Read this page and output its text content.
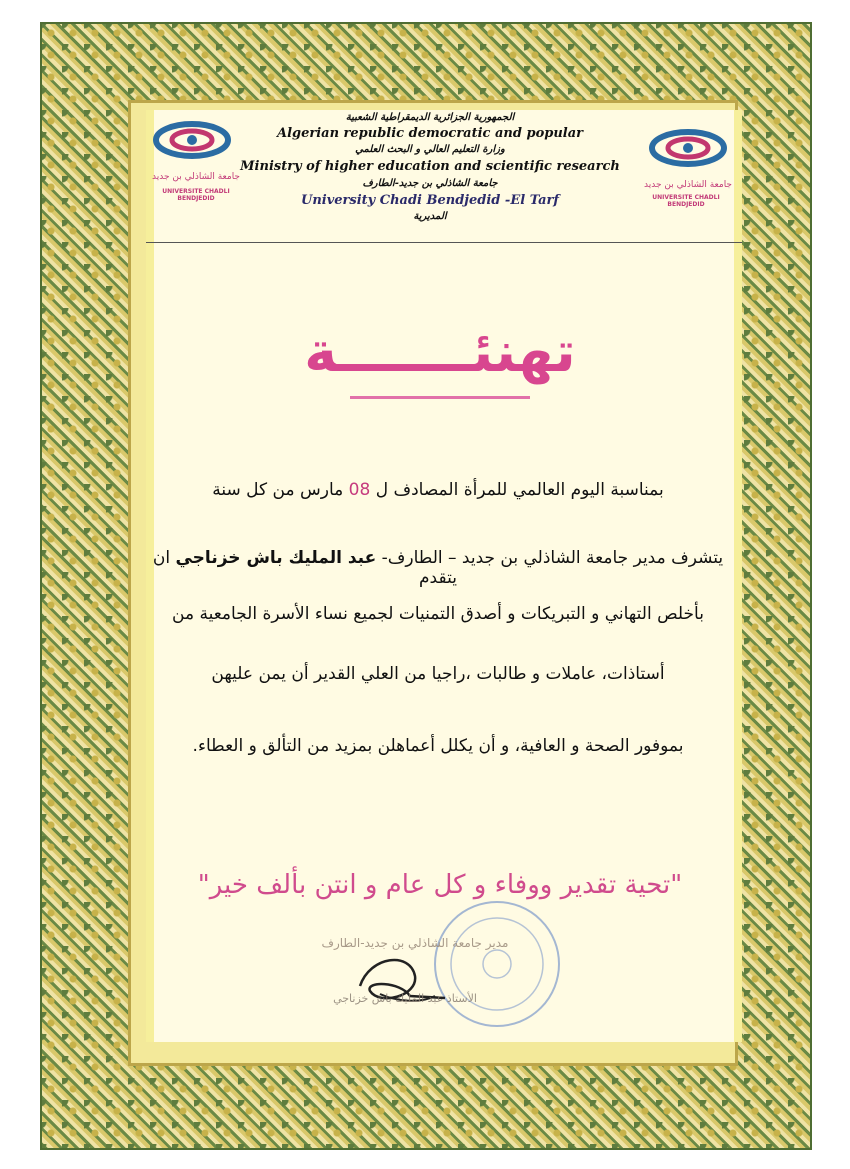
جامعة الشاذلي بن جديد
UNIVERSITE CHADLI BENDJEDID
جامعة الشاذلي بن جديد
UNIVERSITE CHADLI BENDJEDID
الجمهورية الجزائرية الديمقراطية الشعبية
Algerian republic democratic and popular
وزارة التعليم العالي و البحث العلمي
Ministry of higher education and scientific research
جامعة الشاذلي بن جديد-الطارف
University Chadi Bendjedid -El Tarf
المديرية
تهنئـــــــة
بمناسبة اليوم العالمي للمرأة المصادف ل 08 مارس من كل سنة
يتشرف مدير جامعة الشاذلي بن جديد – الطارف- عبد المليك باش خزناجي ان يتقدم
بأخلص التهاني و التبريكات و أصدق التمنيات لجميع نساء الأسرة الجامعية من
أستاذات، عاملات و طالبات ،راجيا من العلي القدير أن يمن عليهن
بموفور الصحة و العافية، و أن يكلل أعماهلن بمزيد من التألق و العطاء.
"تحية تقدير ووفاء و كل عام و انتن بألف خير"
مدير جامعة الشاذلي بن جديد-الطارف
الأستاذ عبد المليك باش خزناجي
